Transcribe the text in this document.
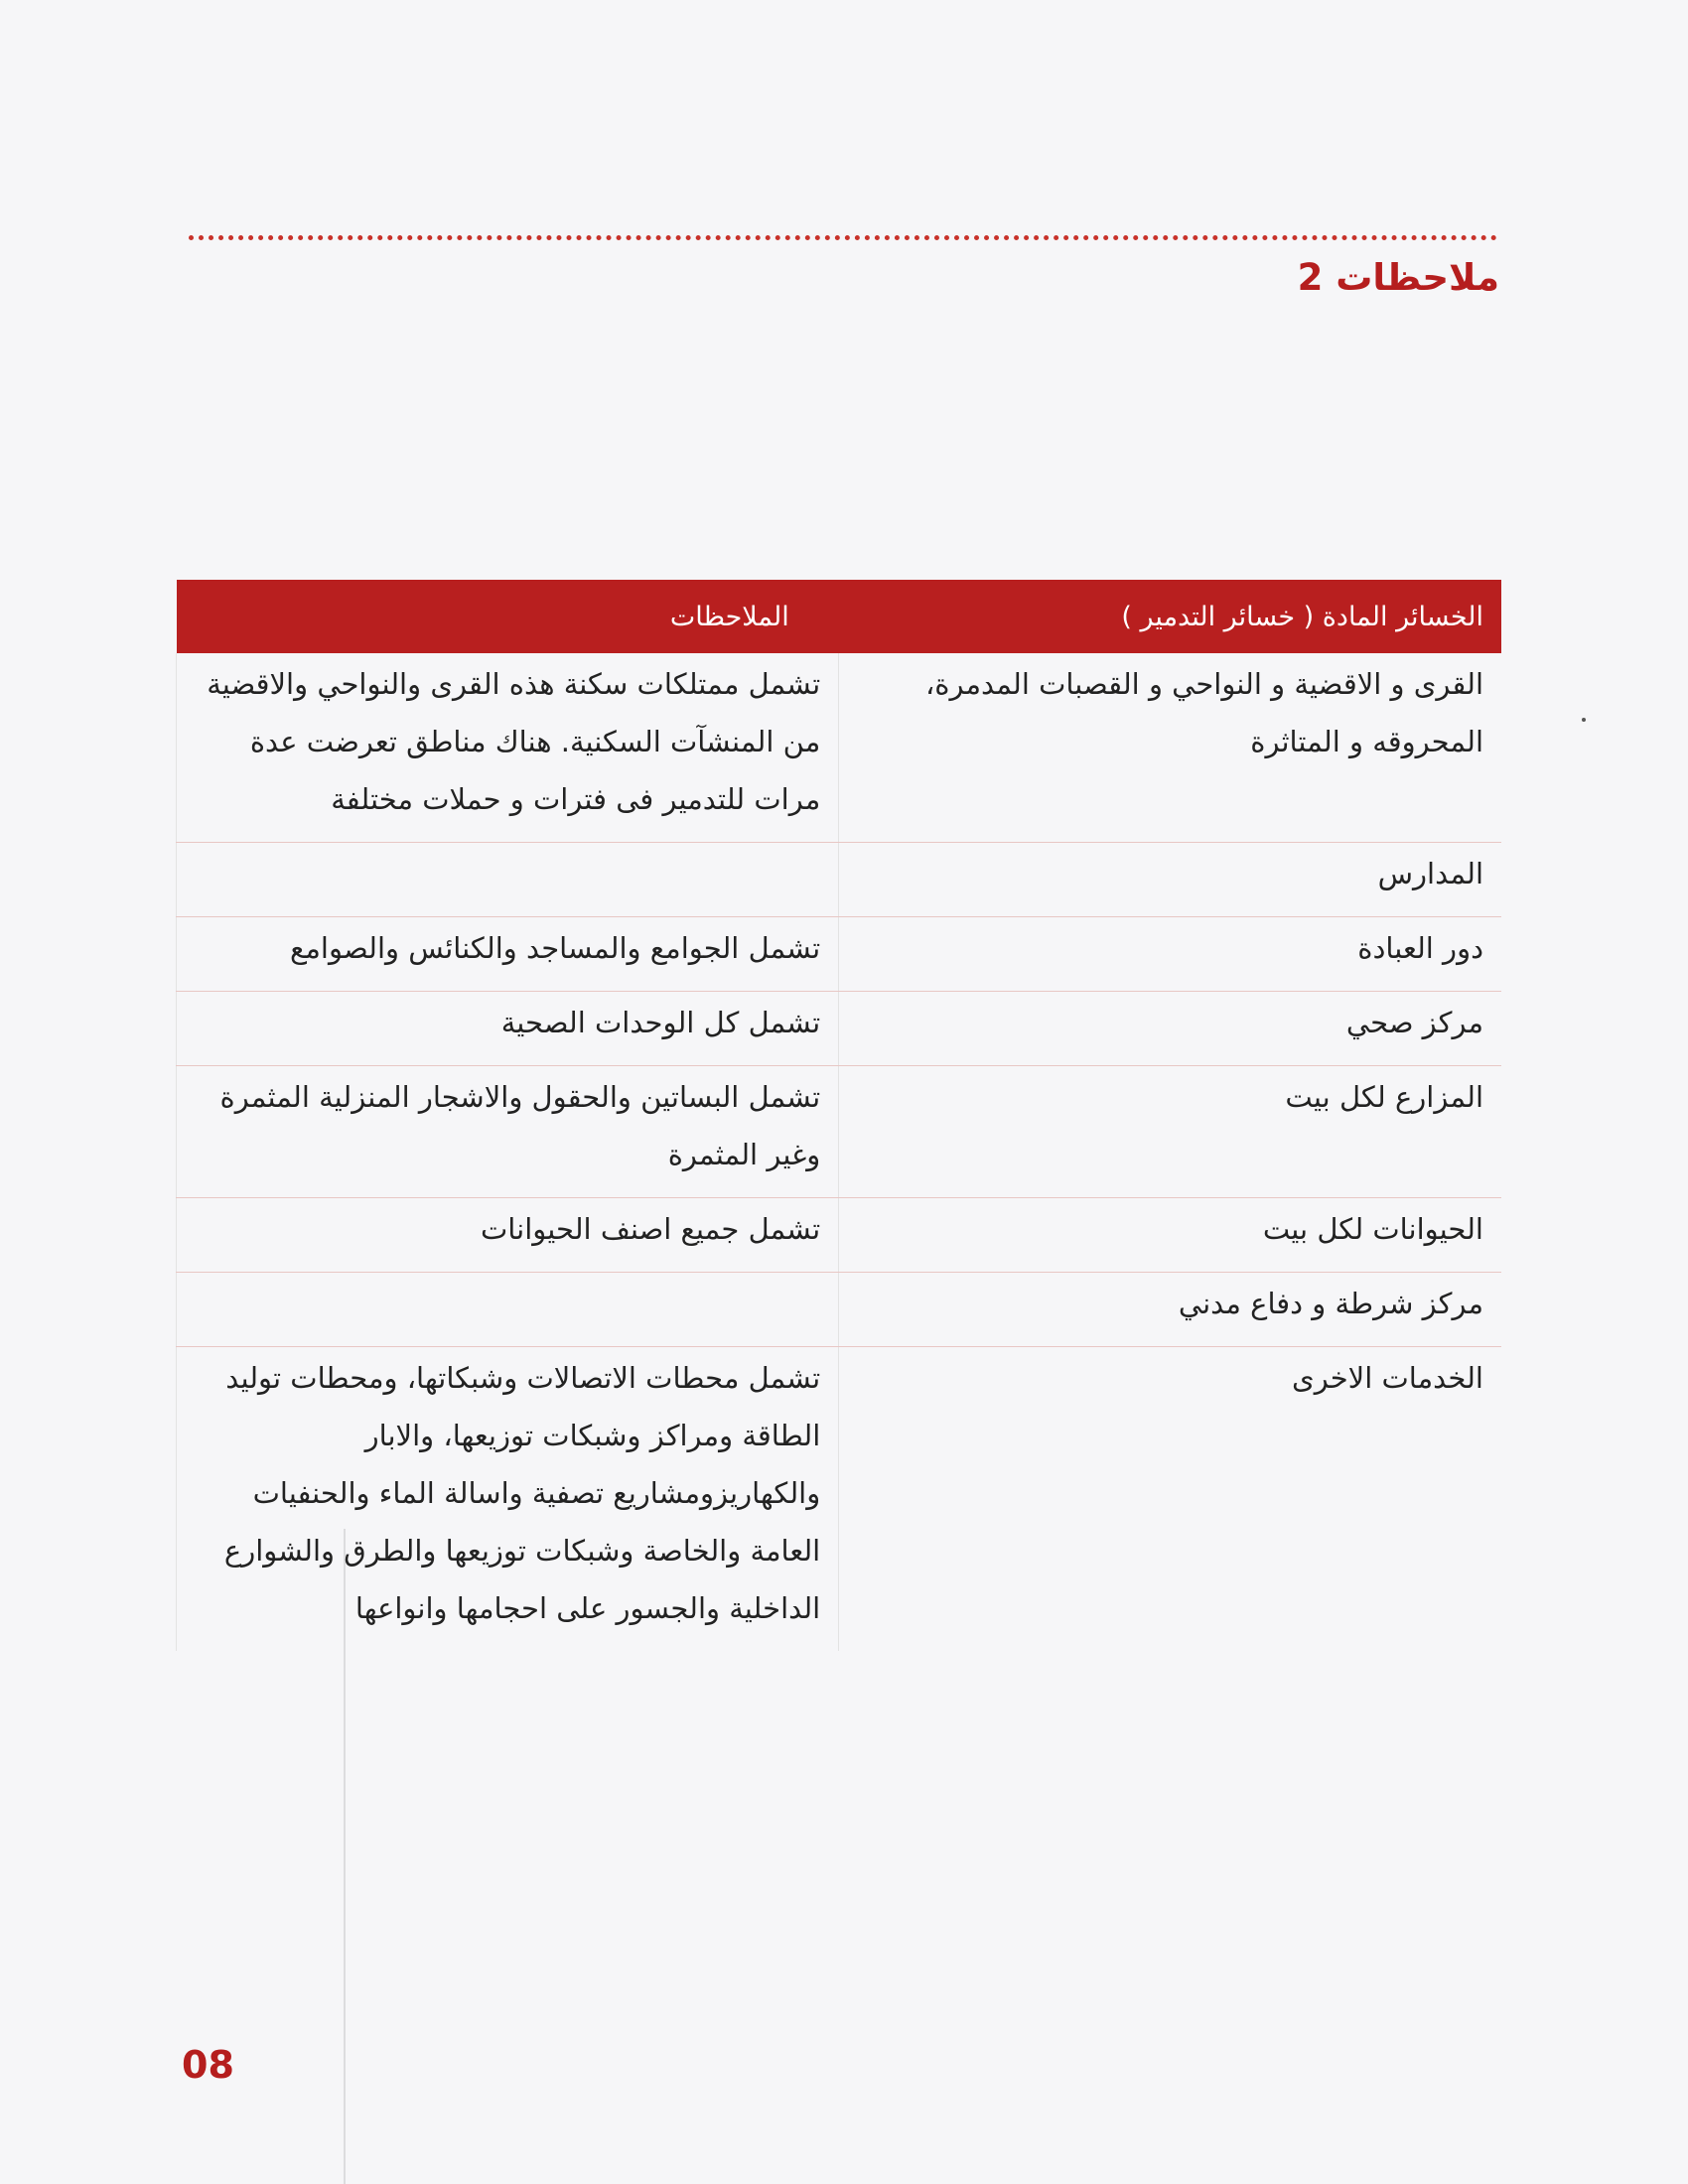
ملاحظات 2
الخسائر المادة ( خسائر التدمير )	الملاحظات
القرى و الاقضية و النواحي و القصبات المدمرة، المحروقه و المتاثرة	تشمل ممتلكات سكنة هذه القرى والنواحي والاقضية من المنشآت السكنية. هناك مناطق تعرضت عدة مرات للتدمير فى فترات و حملات مختلفة
المدارس	
دور العبادة	تشمل الجوامع والمساجد والكنائس والصوامع
مركز صحي	تشمل كل الوحدات الصحية
المزارع لكل بيت	تشمل البساتين والحقول والاشجار المنزلية المثمرة وغير المثمرة
الحيوانات لكل بيت	تشمل جميع اصنف الحيوانات
مركز شرطة و دفاع مدني	
الخدمات الاخرى	تشمل محطات الاتصالات وشبكاتها، ومحطات توليد الطاقة ومراكز وشبكات توزيعها، والابار والكهاريزومشاريع تصفية واسالة الماء والحنفيات العامة والخاصة وشبكات توزيعها والطرق والشوارع الداخلية والجسور على احجامها وانواعها

08
